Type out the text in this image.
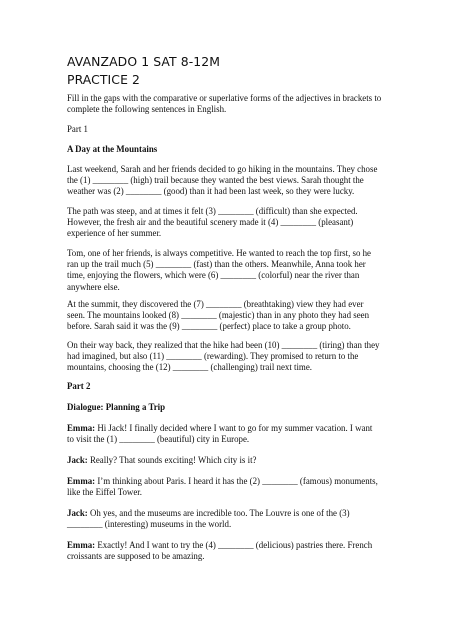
AVANZADO 1 SAT 8-12M
PRACTICE 2
Fill in the gaps with the comparative or superlative forms of the adjectives in brackets to
complete the following sentences in English.
Part 1
A Day at the Mountains
Last weekend, Sarah and her friends decided to go hiking in the mountains. They chose
the (1) ________ (high) trail because they wanted the best views. Sarah thought the
weather was (2) ________ (good) than it had been last week, so they were lucky.
The path was steep, and at times it felt (3) ________ (difficult) than she expected.
However, the fresh air and the beautiful scenery made it (4) ________ (pleasant)
experience of her summer.
Tom, one of her friends, is always competitive. He wanted to reach the top first, so he
ran up the trail much (5) ________ (fast) than the others. Meanwhile, Anna took her
time, enjoying the flowers, which were (6) ________ (colorful) near the river than
anywhere else.
At the summit, they discovered the (7) ________ (breathtaking) view they had ever
seen. The mountains looked (8) ________ (majestic) than in any photo they had seen
before. Sarah said it was the (9) ________ (perfect) place to take a group photo.
On their way back, they realized that the hike had been (10) ________ (tiring) than they
had imagined, but also (11) ________ (rewarding). They promised to return to the
mountains, choosing the (12) ________ (challenging) trail next time.
Part 2
Dialogue: Planning a Trip
Emma: Hi Jack! I finally decided where I want to go for my summer vacation. I want
to visit the (1) ________ (beautiful) city in Europe.
Jack: Really? That sounds exciting! Which city is it?
Emma: I’m thinking about Paris. I heard it has the (2) ________ (famous) monuments,
like the Eiffel Tower.
Jack: Oh yes, and the museums are incredible too. The Louvre is one of the (3)
________ (interesting) museums in the world.
Emma: Exactly! And I want to try the (4) ________ (delicious) pastries there. French
croissants are supposed to be amazing.
